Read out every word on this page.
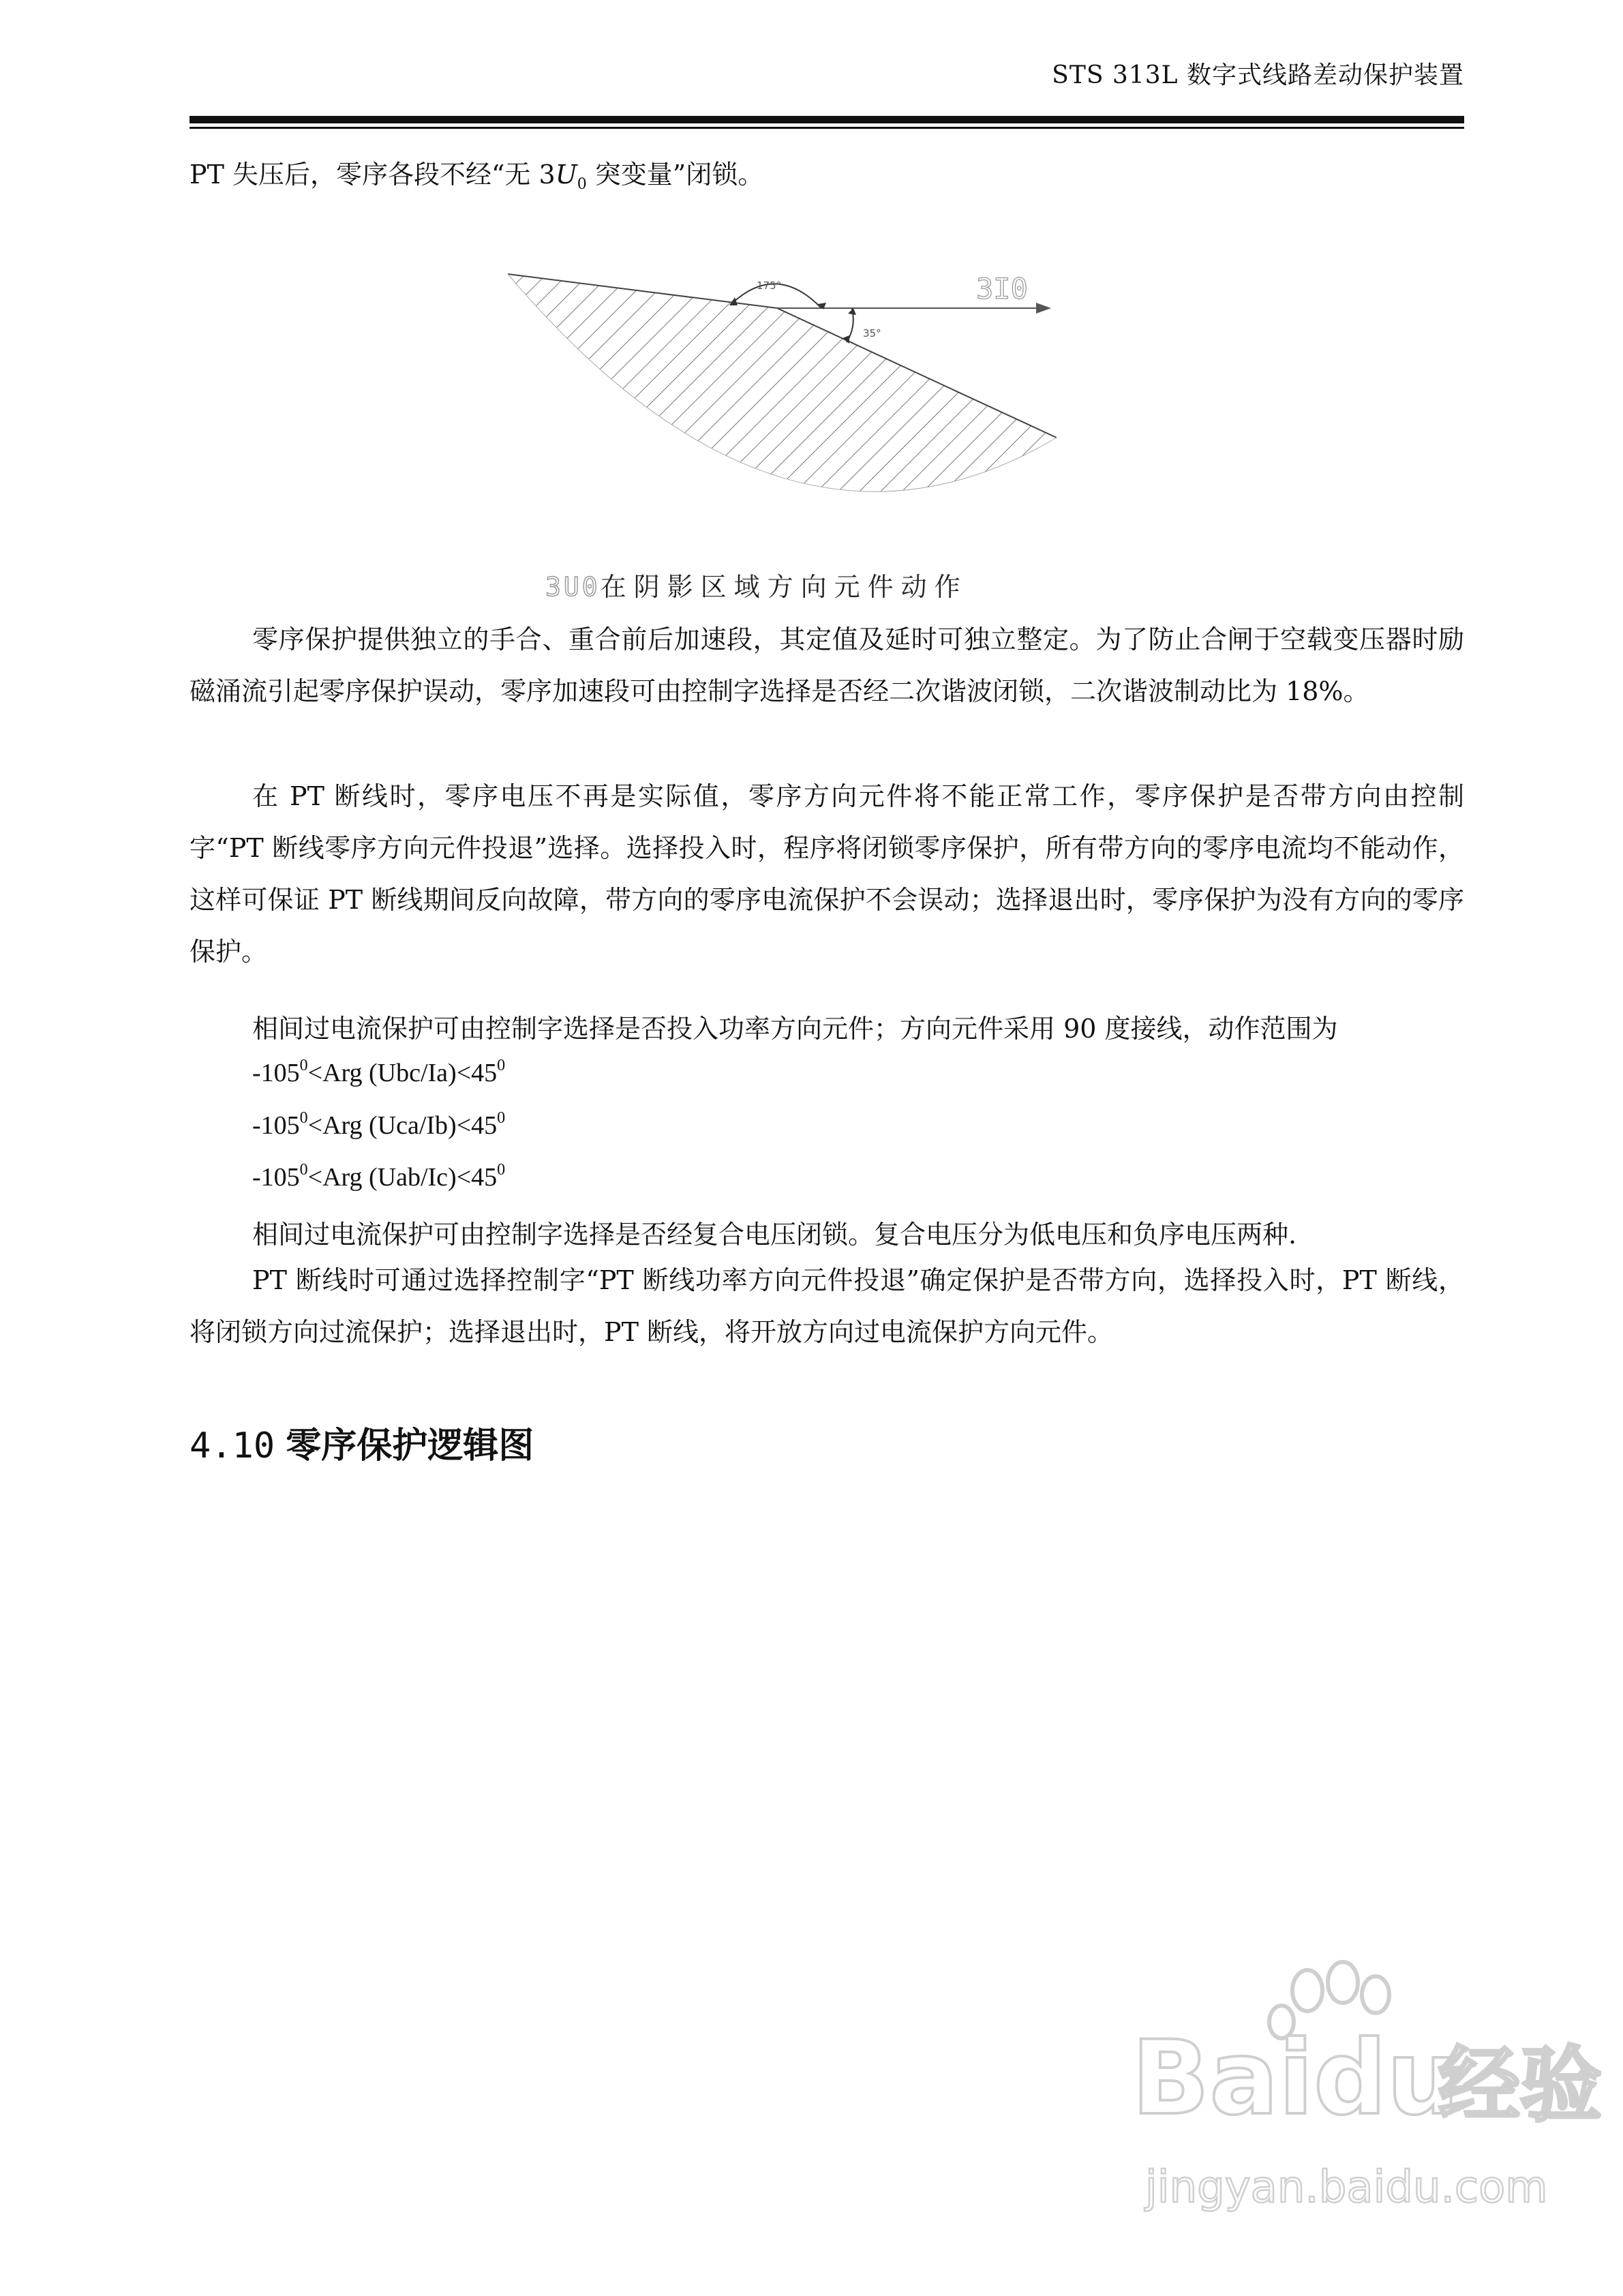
STS 313L 数字式线路差动保护装置
PT 失压后，零序各段不经“无 $3U_0$ 突变量”闭锁。
175°
35°
3I0
3U0在阴影区域方向元件动作
零序保护提供独立的手合、重合前后加速段，其定值及延时可独立整定。为了防止合闸于空载变压器时励磁涌流引起零序保护误动，零序加速段可由控制字选择是否经二次谐波闭锁，二次谐波制动比为 18%。
在 PT 断线时，零序电压不再是实际值，零序方向元件将不能正常工作，零序保护是否带方向由控制字“PT 断线零序方向元件投退”选择。选择投入时，程序将闭锁零序保护，所有带方向的零序电流均不能动作，这样可保证 PT 断线期间反向故障，带方向的零序电流保护不会误动；选择退出时，零序保护为没有方向的零序保护。
相间过电流保护可由控制字选择是否投入功率方向元件；方向元件采用 90 度接线，动作范围为
$-105^0<Arg$ $(Ubc/Ia)<45^0$
$-105^0<Arg$ $(Uca/Ib)<45^0$
$-105^0<Arg$ $(Uab/Ic)<45^0$
相间过电流保护可由控制字选择是否经复合电压闭锁。复合电压分为低电压和负序电压两种.
PT 断线时可通过选择控制字“PT 断线功率方向元件投退”确定保护是否带方向，选择投入时，PT 断线，将闭锁方向过流保护；选择退出时，PT 断线，将开放方向过电流保护方向元件。
4.10 零序保护逻辑图
Baidu
经验
jingyan.baidu.com
